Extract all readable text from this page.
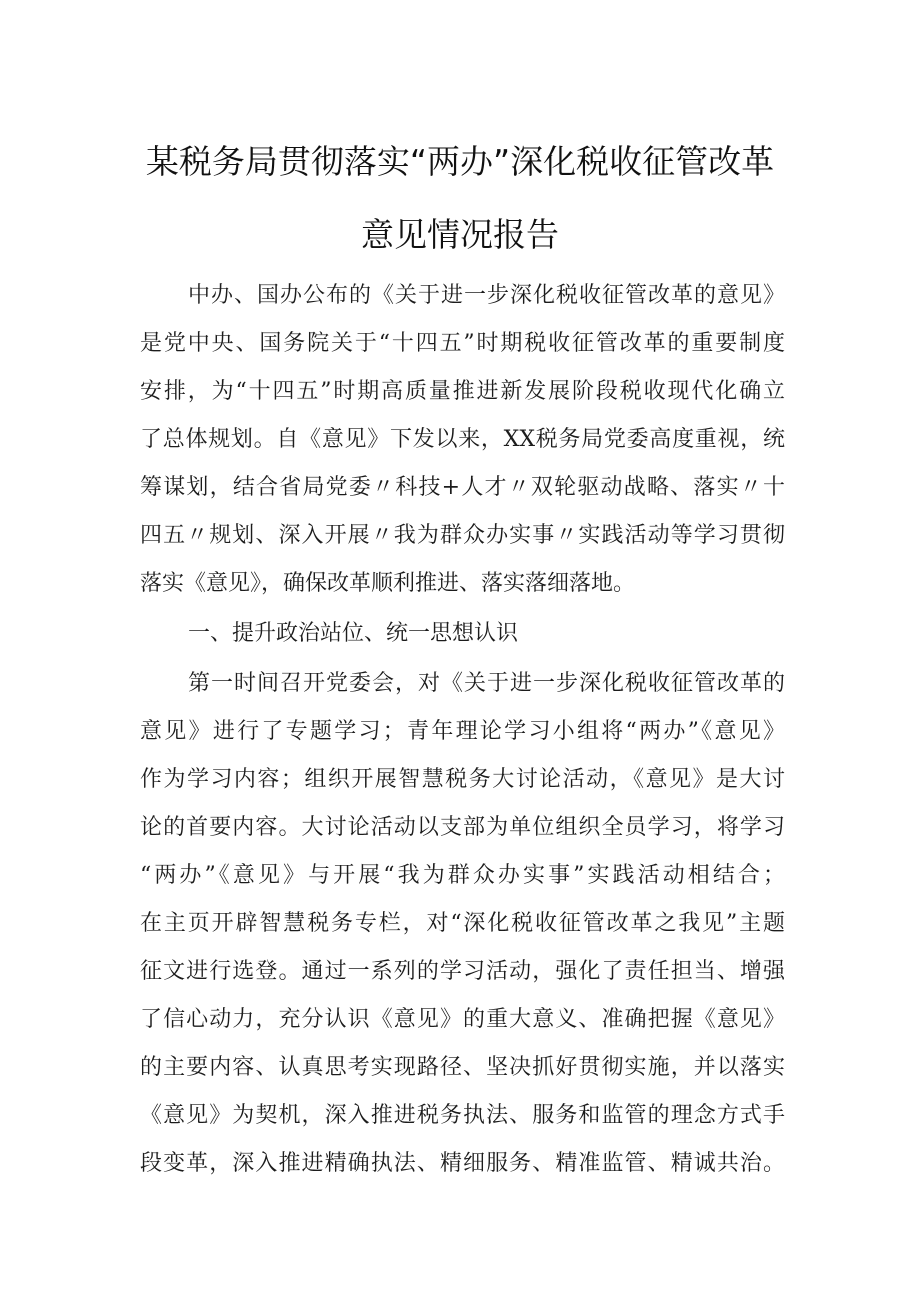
某税务局贯彻落实“两办”深化税收征管改革
意见情况报告
中办、国办公布的《关于进一步深化税收征管改革的意见》
是党中央、国务院关于“十四五”时期税收征管改革的重要制度
安排，为“十四五”时期高质量推进新发展阶段税收现代化确立
了总体规划。自《意见》下发以来，XX税务局党委高度重视，统
筹谋划，结合省局党委〃科技+人才〃双轮驱动战略、落实〃十
四五〃规划、深入开展〃我为群众办实事〃实践活动等学习贯彻
落实《意见》，确保改革顺利推进、落实落细落地。
一、提升政治站位、统一思想认识
第一时间召开党委会，对《关于进一步深化税收征管改革的
意见》进行了专题学习；青年理论学习小组将“两办”《意见》
作为学习内容；组织开展智慧税务大讨论活动，《意见》是大讨
论的首要内容。大讨论活动以支部为单位组织全员学习，将学习
“两办”《意见》与开展“我为群众办实事”实践活动相结合；
在主页开辟智慧税务专栏，对“深化税收征管改革之我见”主题
征文进行选登。通过一系列的学习活动，强化了责任担当、增强
了信心动力，充分认识《意见》的重大意义、准确把握《意见》
的主要内容、认真思考实现路径、坚决抓好贯彻实施，并以落实
《意见》为契机，深入推进税务执法、服务和监管的理念方式手
段变革，深入推进精确执法、精细服务、精准监管、精诚共治。
